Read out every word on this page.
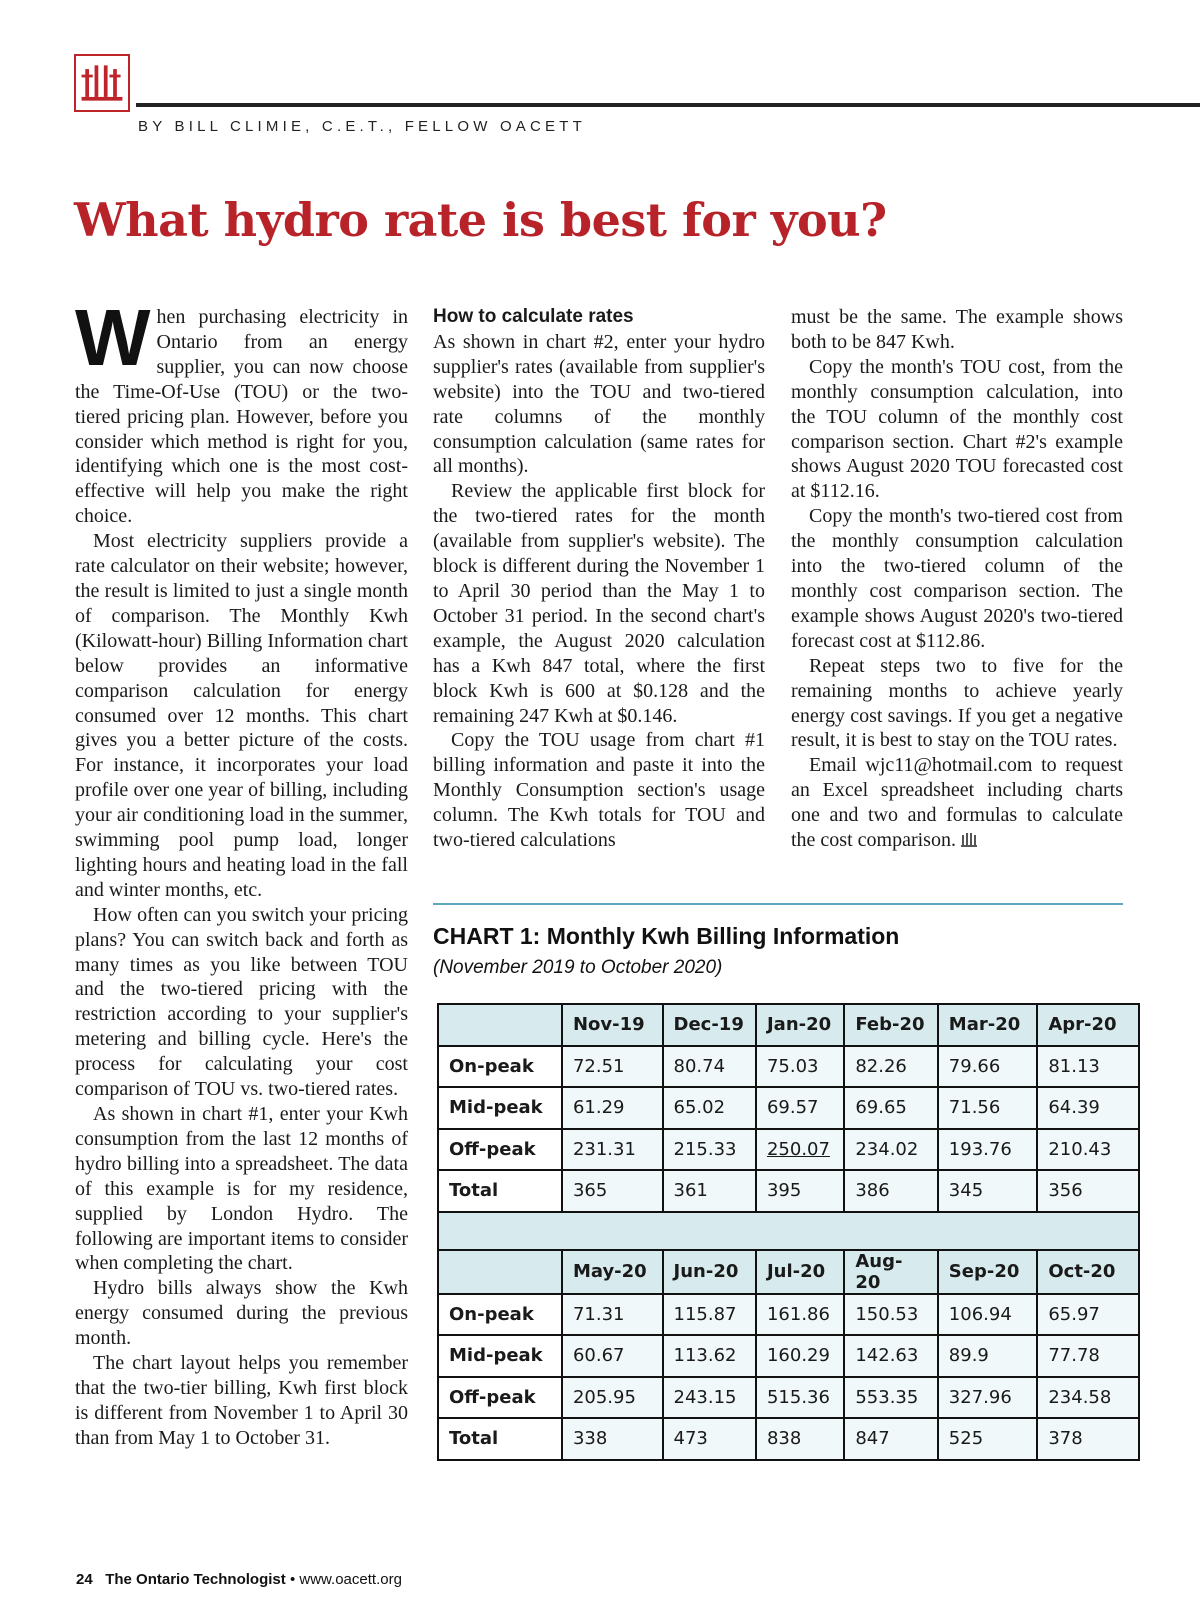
BY BILL CLIMIE, C.E.T., FELLOW OACETT
What hydro rate is best for you?

When purchasing electricity in Ontario from an energy supplier, you can now choose the Time-Of-Use (TOU) or the two-tiered pricing plan. However, before you consider which method is right for you, identifying which one is the most cost-effective will help you make the right choice.

Most electricity suppliers provide a rate calculator on their website; however, the result is limited to just a single month of comparison. The Monthly Kwh (Kilowatt-hour) Billing Information chart below provides an informative comparison calculation for energy consumed over 12 months. This chart gives you a better picture of the costs. For instance, it incorporates your load profile over one year of billing, including your air conditioning load in the summer, swimming pool pump load, longer lighting hours and heating load in the fall and winter months, etc.

How often can you switch your pricing plans? You can switch back and forth as many times as you like between TOU and the two-tiered pricing with the restriction according to your supplier's metering and billing cycle. Here's the process for calculating your cost comparison of TOU vs. two-tiered rates.

As shown in chart #1, enter your Kwh consumption from the last 12 months of hydro billing into a spreadsheet. The data of this example is for my residence, supplied by London Hydro. The following are important items to consider when completing the chart.

Hydro bills always show the Kwh energy consumed during the previous month.

The chart layout helps you remember that the two-tier billing, Kwh first block is different from November 1 to April 30 than from May 1 to October 31.

How to calculate rates

As shown in chart #2, enter your hydro supplier's rates (available from supplier's website) into the TOU and two-tiered rate columns of the monthly consumption calculation (same rates for all months).

Review the applicable first block for the two-tiered rates for the month (available from supplier's website). The block is different during the November 1 to April 30 period than the May 1 to October 31 period. In the second chart's example, the August 2020 calculation has a Kwh 847 total, where the first block Kwh is 600 at $0.128 and the remaining 247 Kwh at $0.146.

Copy the TOU usage from chart #1 billing information and paste it into the Monthly Consumption section's usage column. The Kwh totals for TOU and two-tiered calculations

must be the same. The example shows both to be 847 Kwh.

Copy the month's TOU cost, from the monthly consumption calculation, into the TOU column of the monthly cost comparison section. Chart #2's example shows August 2020 TOU forecasted cost at $112.16.

Copy the month's two-tiered cost from the monthly consumption calculation into the two-tiered column of the monthly cost comparison section. The example shows August 2020's two-tiered forecast cost at $112.86.

Repeat steps two to five for the remaining months to achieve yearly energy cost savings. If you get a negative result, it is best to stay on the TOU rates.

Email wjc11@hotmail.com to request an Excel spreadsheet including charts one and two and formulas to calculate the cost comparison.

CHART 1: Monthly Kwh Billing Information
(November 2019 to October 2020)
	Nov-19	Dec-19	Jan-20	Feb-20	Mar-20	Apr-20
On-peak	72.51	80.74	75.03	82.26	79.66	81.13
Mid-peak	61.29	65.02	69.57	69.65	71.56	64.39
Off-peak	231.31	215.33	250.07	234.02	193.76	210.43
Total	365	361	395	386	345	356

	May-20	Jun-20	Jul-20	Aug-20	Sep-20	Oct-20
On-peak	71.31	115.87	161.86	150.53	106.94	65.97
Mid-peak	60.67	113.62	160.29	142.63	89.9	77.78
Off-peak	205.95	243.15	515.36	553.35	327.96	234.58
Total	338	473	838	847	525	378
24 The Ontario Technologist • www.oacett.org
